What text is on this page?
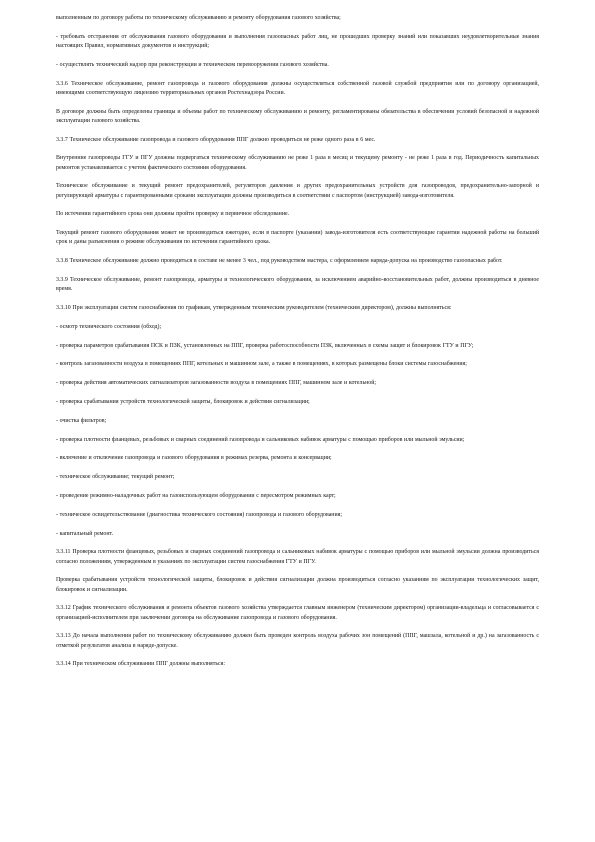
выполненным по договору работы по техническому обслуживанию и ремонту оборудования газового хозяйства;

- требовать отстранения от обслуживания газового оборудования и выполнения газоопасных работ лиц, не прошедших проверку знаний или показавших неудовлетворительные знания настоящих Правил, нормативных документов и инструкций;

- осуществлять технический надзор при реконструкции и техническом перевооружении газового хозяйства.

3.3.6 Техническое обслуживание, ремонт газопровода и газового оборудования должны осуществляться собственной газовой службой предприятия или по договору организацией, имеющими соответствующую лицензию территориальных органов Ростехнадзора России.

В договоре должны быть определены границы и объемы работ по техническому обслуживанию и ремонту, регламентированы обязательства в обеспечении условий безопасной и надежной эксплуатации газового хозяйства.

3.3.7 Техническое обслуживание газопровода и газового оборудования ППГ должно проводиться не реже одного раза в 6 мес.

Внутренние газопроводы ГГУ и ПГУ должны подвергаться техническому обслуживанию не реже 1 раза в месяц и текущему ремонту - не реже 1 раза в год. Периодичность капитальных ремонтов устанавливается с учетом фактического состояния оборудования.

Техническое обслуживание и текущий ремонт предохранителей, регуляторов давления и других предохранительных устройств для газопроводов, предохранительно-запорной и регулирующей арматуры с гарантированными сроками эксплуатации должны производиться в соответствии с паспортом (инструкцией) завода-изготовителя.

По истечении гарантийного срока они должны пройти проверку и первичное обследование.

Текущий ремонт газового оборудования может не производиться ежегодно, если в паспорте (указании) завода-изготовителя есть соответствующие гарантии надежной работы на больший срок и даны разъяснения о режиме обслуживания по истечении гарантийного срока.

3.3.8 Техническое обслуживание должно проводиться в составе не менее 3 чел., под руководством мастера, с оформлением наряда-допуска на производство газоопасных работ.

3.3.9 Техническое обслуживание, ремонт газопровода, арматуры и технологического оборудования, за исключением аварийно-восстановительных работ, должны производиться в дневное время.

3.3.10 При эксплуатации систем газоснабжения по графикам, утвержденным техническим руководителем (техническим директором), должны выполняться:

- осмотр технического состояния (обход);

- проверка параметров срабатывания ПСК и ПЗК, установленных на ППГ, проверка работоспособности ПЗК, включенных в схемы защит и блокировок ГТУ и ПГУ;

- контроль загазованности воздуха в помещениях ППГ, котельных и машинном зале, а также в помещениях, в которых размещены блоки системы газоснабжения;

- проверка действия автоматических сигнализаторов загазованности воздуха в помещениях ППГ, машинном зале и котельной;

- проверка срабатывания устройств технологической защиты, блокировок и действия сигнализации;

- очистка фильтров;

- проверка плотности фланцевых, резьбовых и сварных соединений газопровода и сальниковых набивок арматуры с помощью приборов или мыльной эмульсии;

- включение и отключение газопровода и газового оборудования в режимах резерва, ремонта и консервации;

- техническое обслуживание; текущий ремонт;

- проведение режимно-наладочных работ на газоиспользующем оборудовании с пересмотром режимных карт;

- техническое освидетельствование (диагностика технического состояния) газопровода и газового оборудования;

- капитальный ремонт.

3.3.11 Проверка плотности фланцевых, резьбовых и сварных соединений газопровода и сальниковых набивок арматуры с помощью приборов или мыльной эмульсии должна производиться согласно положениям, утвержденным в указаниях по эксплуатации систем газоснабжения ГТУ и ПГУ.

Проверка срабатывания устройств технологической защиты, блокировок и действия сигнализации должна производиться согласно указаниям по эксплуатации технологических защит, блокировок и сигнализации.

3.3.12 График технического обслуживания и ремонта объектов газового хозяйства утверждается главным инженером (техническим директором) организации-владельца и согласовывается с организацией-исполнителем при заключении договора на обслуживание газопровода и газового оборудования.

3.3.13 До начала выполнения работ по техническому обслуживанию должен быть проведен контроль воздуха рабочих зон помещений (ППГ, машзала, котельной и др.) на загазованность с отметкой результатов анализа в наряде-допуске.

3.3.14 При техническом обслуживании ППГ должны выполняться:
